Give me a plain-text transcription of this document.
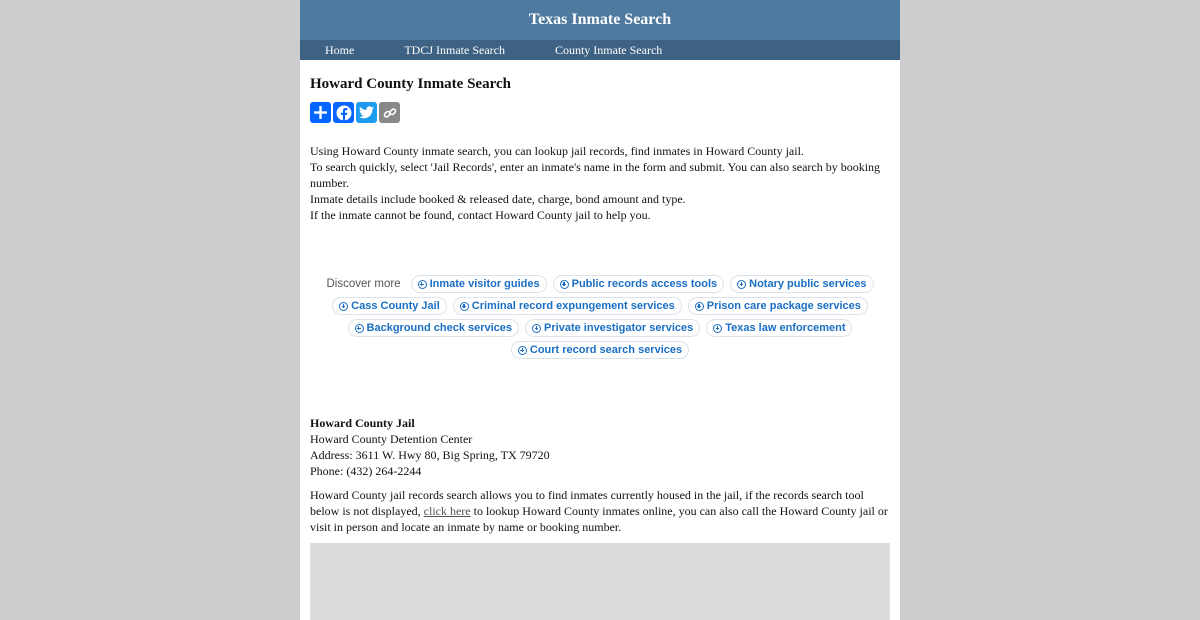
Texas Inmate Search
Home	TDCJ Inmate Search	County Inmate Search
Howard County Inmate Search
Using Howard County inmate search, you can lookup jail records, find inmates in Howard County jail.
To search quickly, select 'Jail Records', enter an inmate's name in the form and submit. You can also search by booking number.
Inmate details include booked & released date, charge, bond amount and type.
If the inmate cannot be found, contact Howard County jail to help you.
Discover more	Inmate visitor guides	Public records access tools	Notary public services
Cass County Jail	Criminal record expungement services	Prison care package services
Background check services	Private investigator services	Texas law enforcement
Court record search services
Howard County Jail
Howard County Detention Center
Address: 3611 W. Hwy 80, Big Spring, TX 79720
Phone: (432) 264-2244

Howard County jail records search allows you to find inmates currently housed in the jail, if the records search tool below is not displayed, click here to lookup Howard County inmates online, you can also call the Howard County jail or visit in person and locate an inmate by name or booking number.
